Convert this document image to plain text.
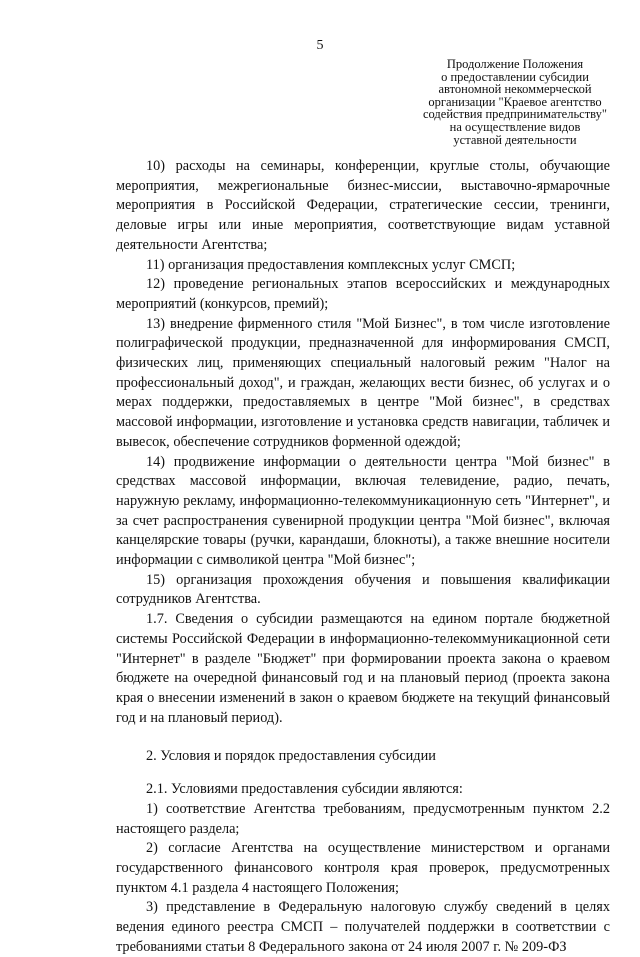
5
Продолжение Положения
о предоставлении субсидии
автономной некоммерческой
организации "Краевое агентство
содействия предпринимательству"
на осуществление видов
уставной деятельности

10) расходы на семинары, конференции, круглые столы, обучающие мероприятия, межрегиональные бизнес-миссии, выставочно-ярмарочные мероприятия в Российской Федерации, стратегические сессии, тренинги, деловые игры или иные мероприятия, соответствующие видам уставной деятельности Агентства;

11) организация предоставления комплексных услуг СМСП;

12) проведение региональных этапов всероссийских и международных мероприятий (конкурсов, премий);

13) внедрение фирменного стиля "Мой Бизнес", в том числе изготовление полиграфической продукции, предназначенной для информирования СМСП, физических лиц, применяющих специальный налоговый режим "Налог на профессиональный доход", и граждан, желающих вести бизнес, об услугах и о мерах поддержки, предоставляемых в центре "Мой бизнес", в средствах массовой информации, изготовление и установка средств навигации, табличек и вывесок, обеспечение сотрудников форменной одеждой;

14) продвижение информации о деятельности центра "Мой бизнес" в средствах массовой информации, включая телевидение, радио, печать, наружную рекламу, информационно-телекоммуникационную сеть "Интернет", и за счет распространения сувенирной продукции центра "Мой бизнес", включая канцелярские товары (ручки, карандаши, блокноты), а также внешние носители информации с символикой центра "Мой бизнес";

15) организация прохождения обучения и повышения квалификации сотрудников Агентства.

1.7. Сведения о субсидии размещаются на едином портале бюджетной системы Российской Федерации в информационно-телекоммуникационной сети "Интернет" в разделе "Бюджет" при формировании проекта закона о краевом бюджете на очередной финансовый год и на плановый период (проекта закона края о внесении изменений в закон о краевом бюджете на текущий финансовый год и на плановый период).

2. Условия и порядок предоставления субсидии

2.1. Условиями предоставления субсидии являются:

1) соответствие Агентства требованиям, предусмотренным пунктом 2.2 настоящего раздела;

2) согласие Агентства на осуществление министерством и органами государственного финансового контроля края проверок, предусмотренных пунктом 4.1 раздела 4 настоящего Положения;

3) представление в Федеральную налоговую службу сведений в целях ведения единого реестра СМСП – получателей поддержки в соответствии с требованиями статьи 8 Федерального закона от 24 июля 2007 г. № 209-ФЗ
